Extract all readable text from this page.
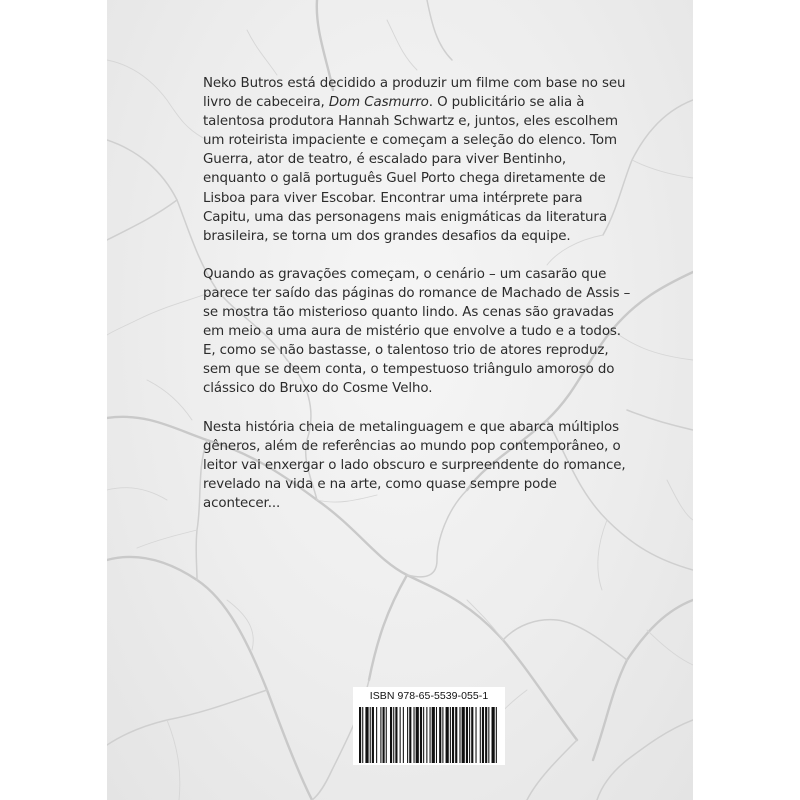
Neko Butros está decidido a produzir um filme com base no seu livro de cabeceira, Dom Casmurro. O publicitário se alia à talentosa produtora Hannah Schwartz e, juntos, eles escolhem um roteirista impaciente e começam a seleção do elenco. Tom Guerra, ator de teatro, é escalado para viver Bentinho, enquanto o galã português Guel Porto chega diretamente de Lisboa para viver Escobar. Encontrar uma intérprete para Capitu, uma das personagens mais enigmáticas da literatura brasileira, se torna um dos grandes desafios da equipe.

Quando as gravações começam, o cenário – um casarão que parece ter saído das páginas do romance de Machado de Assis – se mostra tão misterioso quanto lindo. As cenas são gravadas em meio a uma aura de mistério que envolve a tudo e a todos. E, como se não bastasse, o talentoso trio de atores reproduz, sem que se deem conta, o tempestuoso triângulo amoroso do clássico do Bruxo do Cosme Velho.

Nesta história cheia de metalinguagem e que abarca múltiplos gêneros, além de referências ao mundo pop contemporâneo, o leitor vai enxergar o lado obscuro e surpreendente do romance, revelado na vida e na arte, como quase sempre pode acontecer...

ISBN 978-65-5539-055-1
